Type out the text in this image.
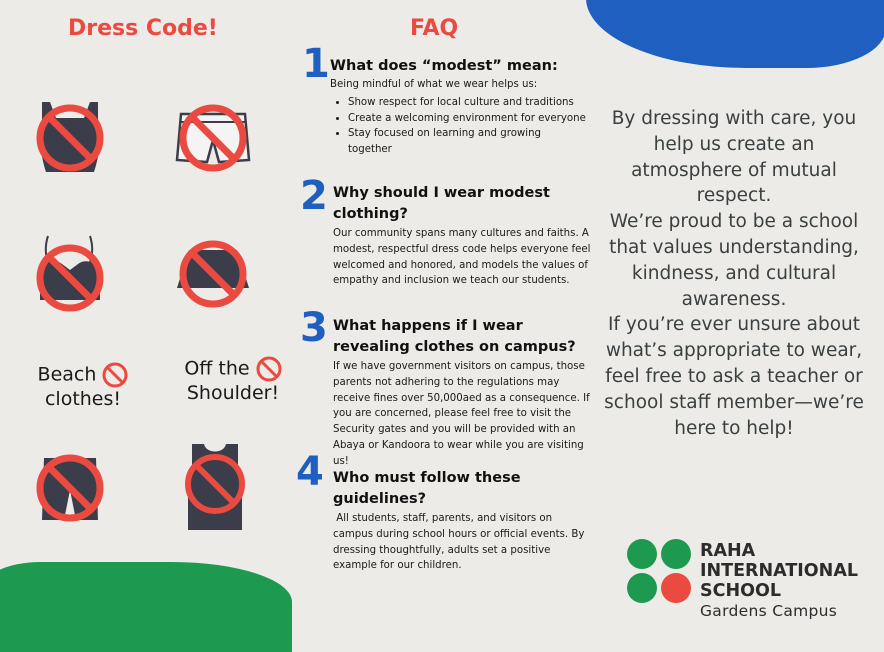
Dress Code!
Beach
clothes!
Off the
Shoulder!
FAQ
1 What does “modest” mean:
Being mindful of what we wear helps us:
• Show respect for local culture and traditions
• Create a welcoming environment for everyone
• Stay focused on learning and growing together
2 Why should I wear modest clothing?
Our community spans many cultures and faiths. A modest, respectful dress code helps everyone feel welcomed and honored, and models the values of empathy and inclusion we teach our students.
3 What happens if I wear revealing clothes on campus?
If we have government visitors on campus, those parents not adhering to the regulations may receive fines over 50,000aed as a consequence. If you are concerned, please feel free to visit the Security gates and you will be provided with an Abaya or Kandoora to wear while you are visiting us!
4 Who must follow these guidelines?
All students, staff, parents, and visitors on campus during school hours or official events. By dressing thoughtfully, adults set a positive example for our children.
By dressing with care, you help us create an atmosphere of mutual respect.
We’re proud to be a school that values understanding, kindness, and cultural awareness.
If you’re ever unsure about what’s appropriate to wear, feel free to ask a teacher or school staff member—we’re here to help!
RAHA
INTERNATIONAL
SCHOOL
Gardens Campus
